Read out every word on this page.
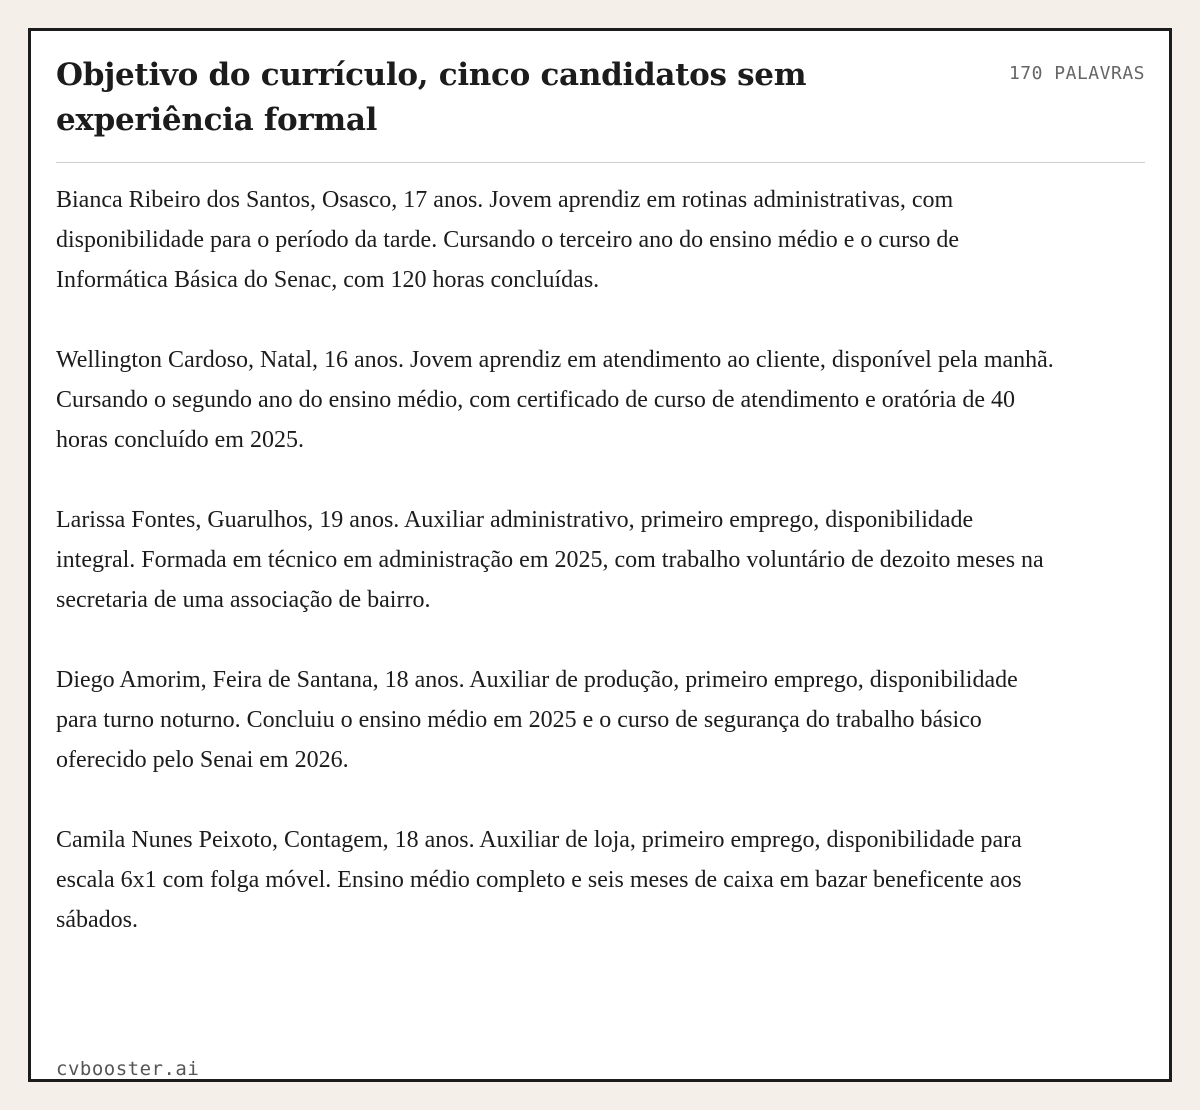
Objetivo do currículo, cinco candidatos sem experiência formal
170 PALAVRAS

Bianca Ribeiro dos Santos, Osasco, 17 anos. Jovem aprendiz em rotinas administrativas, com disponibilidade para o período da tarde. Cursando o terceiro ano do ensino médio e o curso de Informática Básica do Senac, com 120 horas concluídas.

Wellington Cardoso, Natal, 16 anos. Jovem aprendiz em atendimento ao cliente, disponível pela manhã. Cursando o segundo ano do ensino médio, com certificado de curso de atendimento e oratória de 40 horas concluído em 2025.

Larissa Fontes, Guarulhos, 19 anos. Auxiliar administrativo, primeiro emprego, disponibilidade integral. Formada em técnico em administração em 2025, com trabalho voluntário de dezoito meses na secretaria de uma associação de bairro.

Diego Amorim, Feira de Santana, 18 anos. Auxiliar de produção, primeiro emprego, disponibilidade para turno noturno. Concluiu o ensino médio em 2025 e o curso de segurança do trabalho básico oferecido pelo Senai em 2026.

Camila Nunes Peixoto, Contagem, 18 anos. Auxiliar de loja, primeiro emprego, disponibilidade para escala 6x1 com folga móvel. Ensino médio completo e seis meses de caixa em bazar beneficente aos sábados.

cvbooster.ai
